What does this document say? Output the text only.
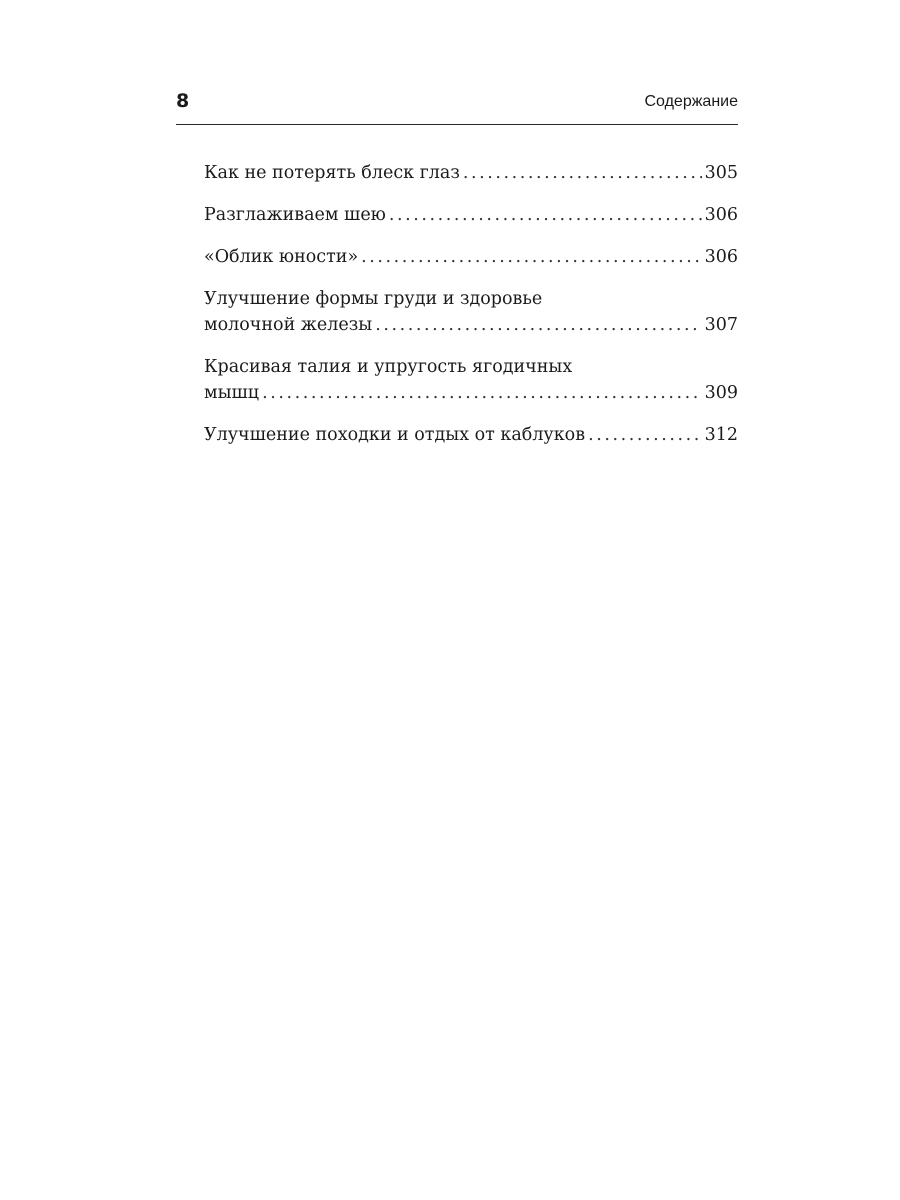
8	Содержание
Как не потерять блеск глаз . . .	305
Разглаживаем шею . . .	306
«Облик юности» . . .	306
Улучшение формы груди и здоровье
молочной железы . . .	307
Красивая талия и упругость ягодичных
мышц . . .	309
Улучшение походки и отдых от каблуков . . .	312
